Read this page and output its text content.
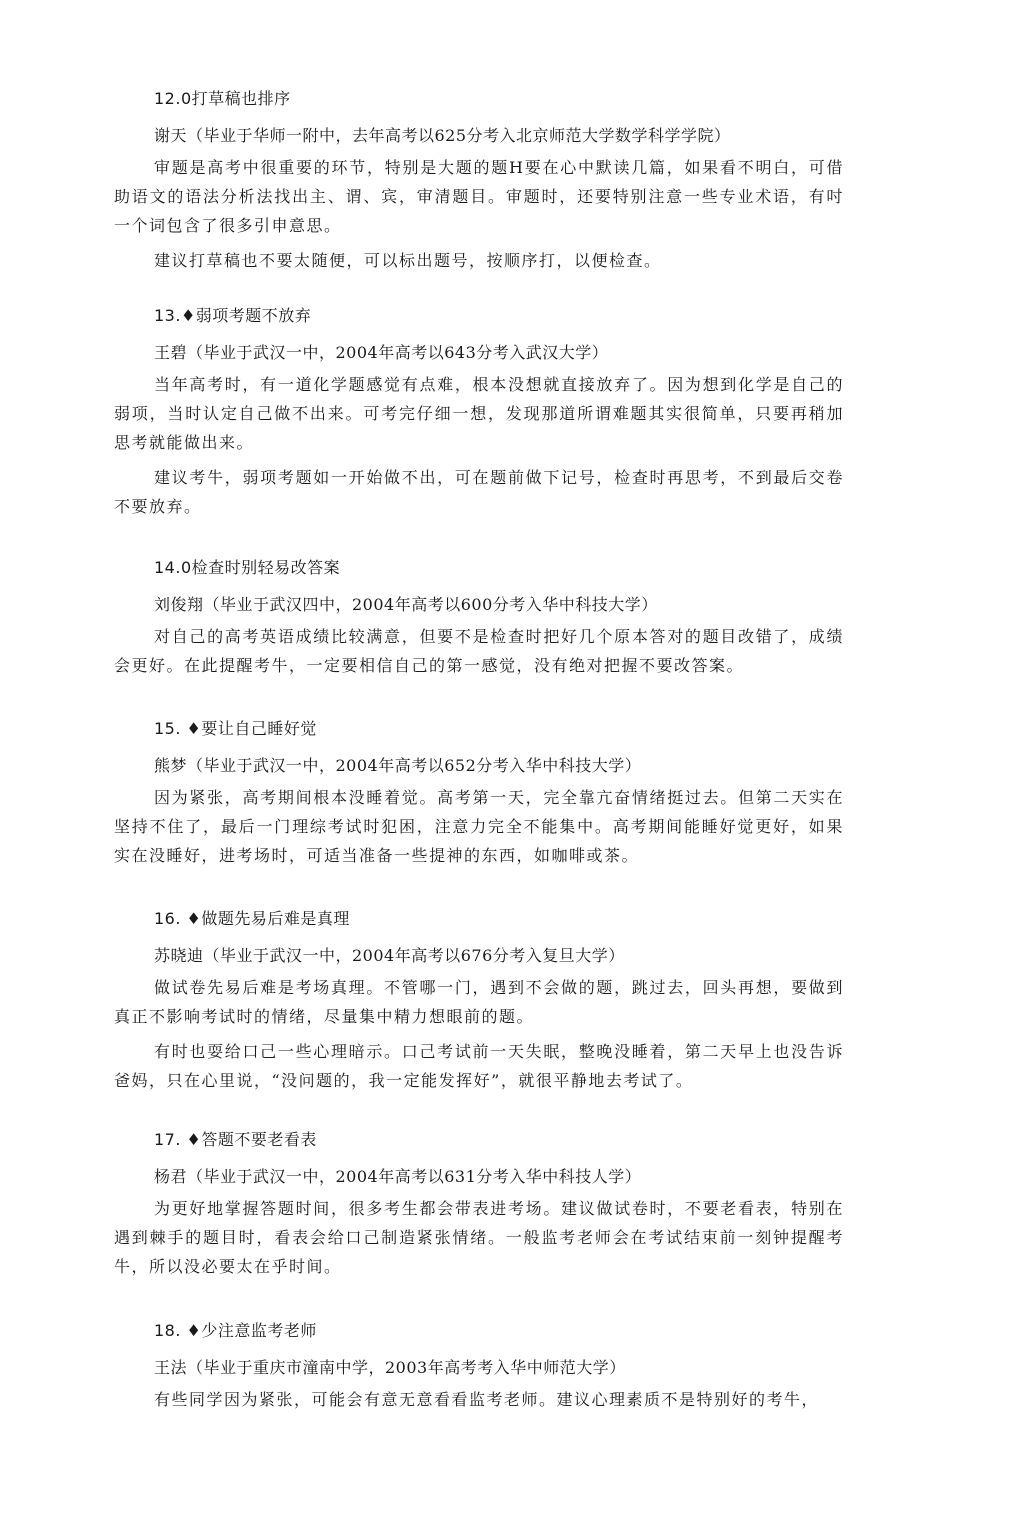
12.0打草稿也排序

谢天（毕业于华师一附中，去年高考以625分考入北京师范大学数学科学学院）

审题是高考中很重要的环节，特别是大题的题H要在心中默读几篇，如果看不明白，可借助语文的语法分析法找出主、谓、宾，审清题目。审题时，还要特别注意一些专业术语，有吋一个词包含了很多引申意思。

建议打草稿也不要太随便，可以标出题号，按顺序打，以便检查。

13.♦弱项考题不放弃

王碧（毕业于武汉一中，2004年高考以643分考入武汉大学）

当年高考时，有一道化学题感觉有点难，根本没想就直接放弃了。因为想到化学是自己的弱项，当时认定自己做不出来。可考完仔细一想，发现那道所谓难题其实很简单，只要再稍加思考就能做出来。

建议考牛，弱项考题如一开始做不出，可在题前做下记号，检查时再思考，不到最后交卷不要放弃。

14.0检查时别轻易改答案

刘俊翔（毕业于武汉四中，2004年高考以600分考入华中科技大学）

对自己的高考英语成绩比较满意，但要不是检查时把好几个原本答对的题目改错了，成绩会更好。在此提醒考牛，一定要相信自己的第一感觉，没有绝对把握不要改答案。

15. ♦要让自己睡好觉

熊梦（毕业于武汉一中，2004年高考以652分考入华中科技大学）

因为紧张，高考期间根本没睡着觉。高考第一天，完全靠亢奋情绪挺过去。但第二天实在坚持不住了，最后一门理综考试时犯困，注意力完全不能集中。高考期间能睡好觉更好，如果实在没睡好，进考场时，可适当准备一些提神的东西，如咖啡或茶。

16. ♦做题先易后难是真理

苏晓迪（毕业于武汉一中，2004年高考以676分考入复旦大学）

做试卷先易后难是考场真理。不管哪一门，遇到不会做的题，跳过去，回头再想，要做到真正不影响考试时的情绪，尽量集中精力想眼前的题。

有时也耍给口己一些心理暗示。口己考试前一天失眠，整晚没睡着，第二天早上也没告诉爸妈，只在心里说，“没问题的，我一定能发挥好”，就很平静地去考试了。

17. ♦答题不要老看表

杨君（毕业于武汉一中，2004年高考以631分考入华中科技人学）

为更好地掌握答题时间，很多考生都会带表进考场。建议做试卷时，不要老看表，特别在遇到棘手的题目时，看表会给口己制造紧张情绪。一般监考老师会在考试结束前一刻钟提醒考牛，所以没必要太在乎时间。

18. ♦少注意监考老师

王法（毕业于重庆市潼南中学，2003年高考考入华中师范大学）

有些同学因为紧张，可能会有意无意看看监考老师。建议心理素质不是特别好的考牛，
